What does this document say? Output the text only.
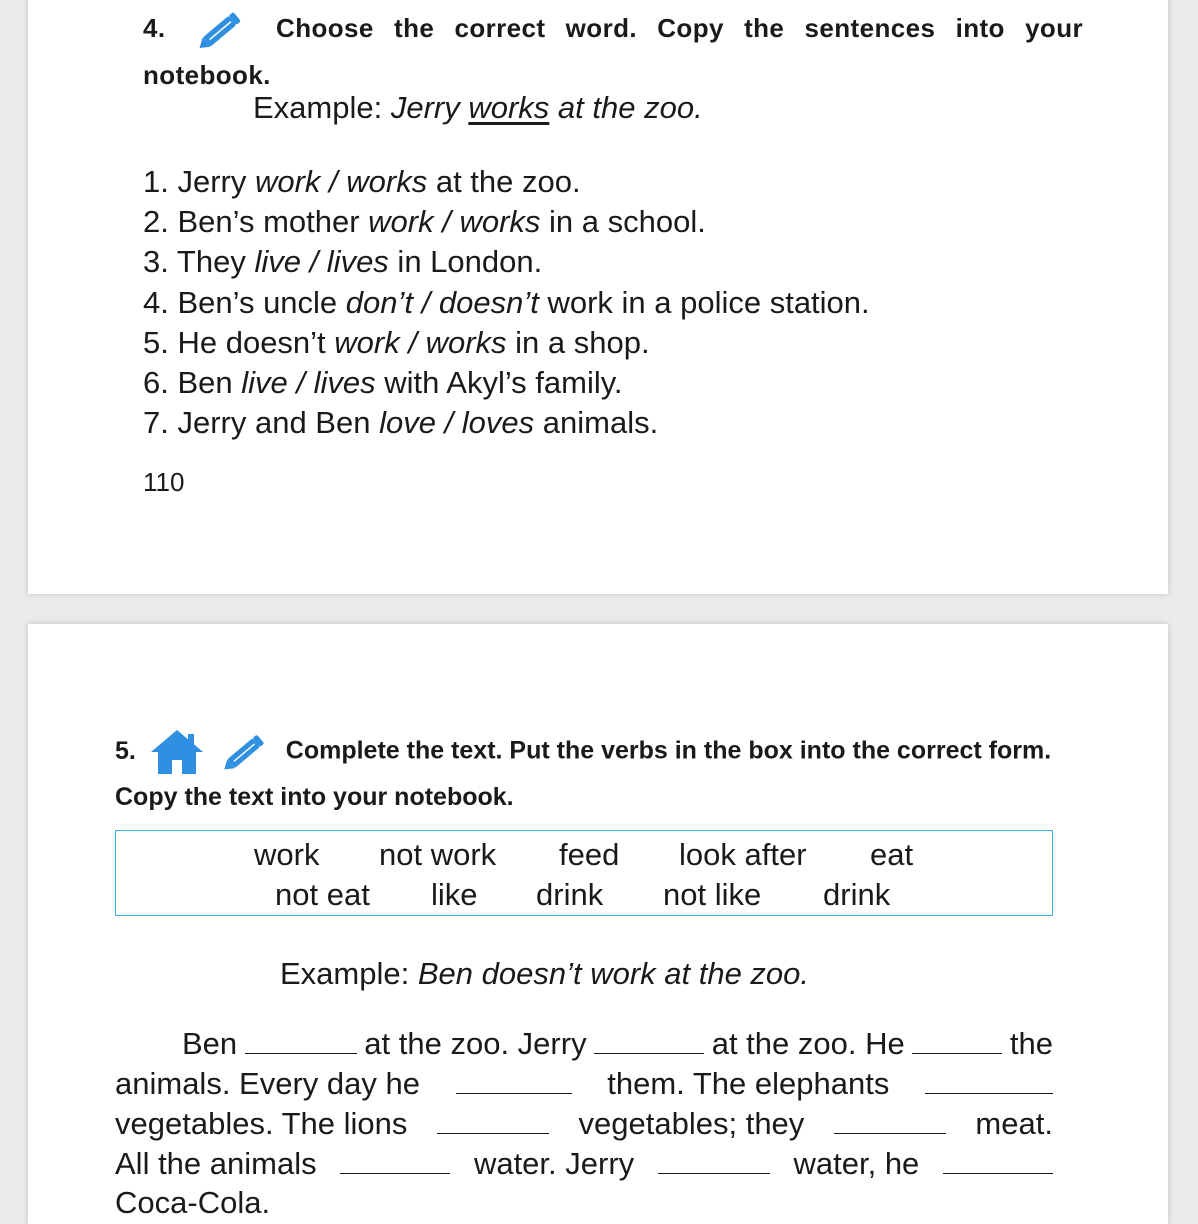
4.	Choose the correct word. Copy the sentences into your notebook.
Example: Jerry works at the zoo.
1. Jerry work / works at the zoo.
2. Ben’s mother work / works in a school.
3. They live / lives in London.
4. Ben’s uncle don’t / doesn’t work in a police station.
5. He doesn’t work / works in a shop.
6. Ben live / lives with Akyl’s family.
7. Jerry and Ben love / loves animals.
110
5.	Complete the text. Put the verbs in the box into the correct form. Copy the text into your notebook.
work not work feed look after eat
not eat like drink not like drink
Example: Ben doesn’t work at the zoo.
Ben	at the zoo. Jerry	at the zoo. He	the
animals. Every day he	them. The elephants
vegetables. The lions	vegetables; they	meat.
All the animals	water. Jerry	water, he
Coca-Cola.
